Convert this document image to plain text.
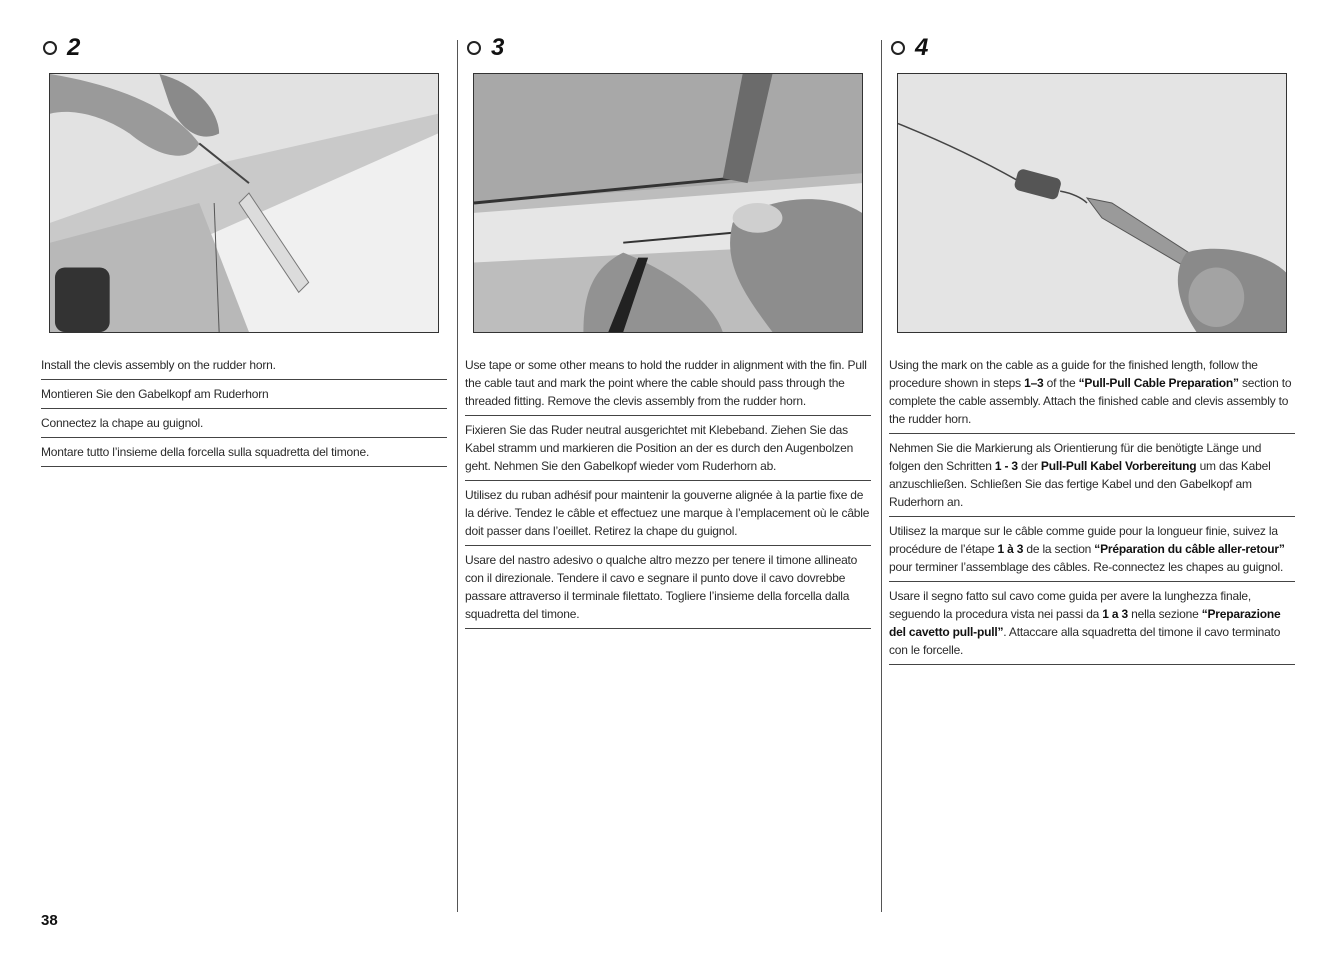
2
Install the clevis assembly on the rudder horn.
Montieren Sie den Gabelkopf am Ruderhorn
Connectez la chape au guignol.
Montare tutto l’insieme della forcella sulla squadretta del timone.
3
Use tape or some other means to hold the rudder in alignment with the fin. Pull the cable taut and mark the point where the cable should pass through the threaded fitting. Remove the clevis assembly from the rudder horn.
Fixieren Sie das Ruder neutral ausgerichtet mit Klebeband. Ziehen Sie das Kabel stramm und markieren die Position an der es durch den Augenbolzen geht. Nehmen Sie den Gabelkopf wieder vom Ruderhorn ab.
Utilisez du ruban adhésif pour maintenir la gouverne alignée à la partie fixe de la dérive. Tendez le câble et effectuez une marque à l’emplacement où le câble doit passer dans l’oeillet. Retirez la chape du guignol.
Usare del nastro adesivo o qualche altro mezzo per tenere il timone allineato con il direzionale. Tendere il cavo e segnare il punto dove il cavo dovrebbe passare attraverso il terminale filettato. Togliere l’insieme della forcella dalla squadretta del timone.
4
Using the mark on the cable as a guide for the finished length, follow the procedure shown in steps 1–3 of the “Pull-Pull Cable Preparation” section to complete the cable assembly. Attach the finished cable and clevis assembly to the rudder horn.
Nehmen Sie die Markierung als Orientierung für die benötigte Länge und folgen den Schritten 1 - 3 der Pull-Pull Kabel Vorbereitung um das Kabel anzuschließen. Schließen Sie das fertige Kabel und den Gabelkopf am Ruderhorn an.
Utilisez la marque sur le câble comme guide pour la longueur finie, suivez la procédure de l’étape 1 à 3 de la section “Préparation du câble aller-retour” pour terminer l’assemblage des câbles. Re-connectez les chapes au guignol.
Usare il segno fatto sul cavo come guida per avere la lunghezza finale, seguendo la procedura vista nei passi da 1 a 3 nella sezione “Preparazione del cavetto pull-pull”. Attaccare alla squadretta del timone il cavo terminato con le forcelle.
38
